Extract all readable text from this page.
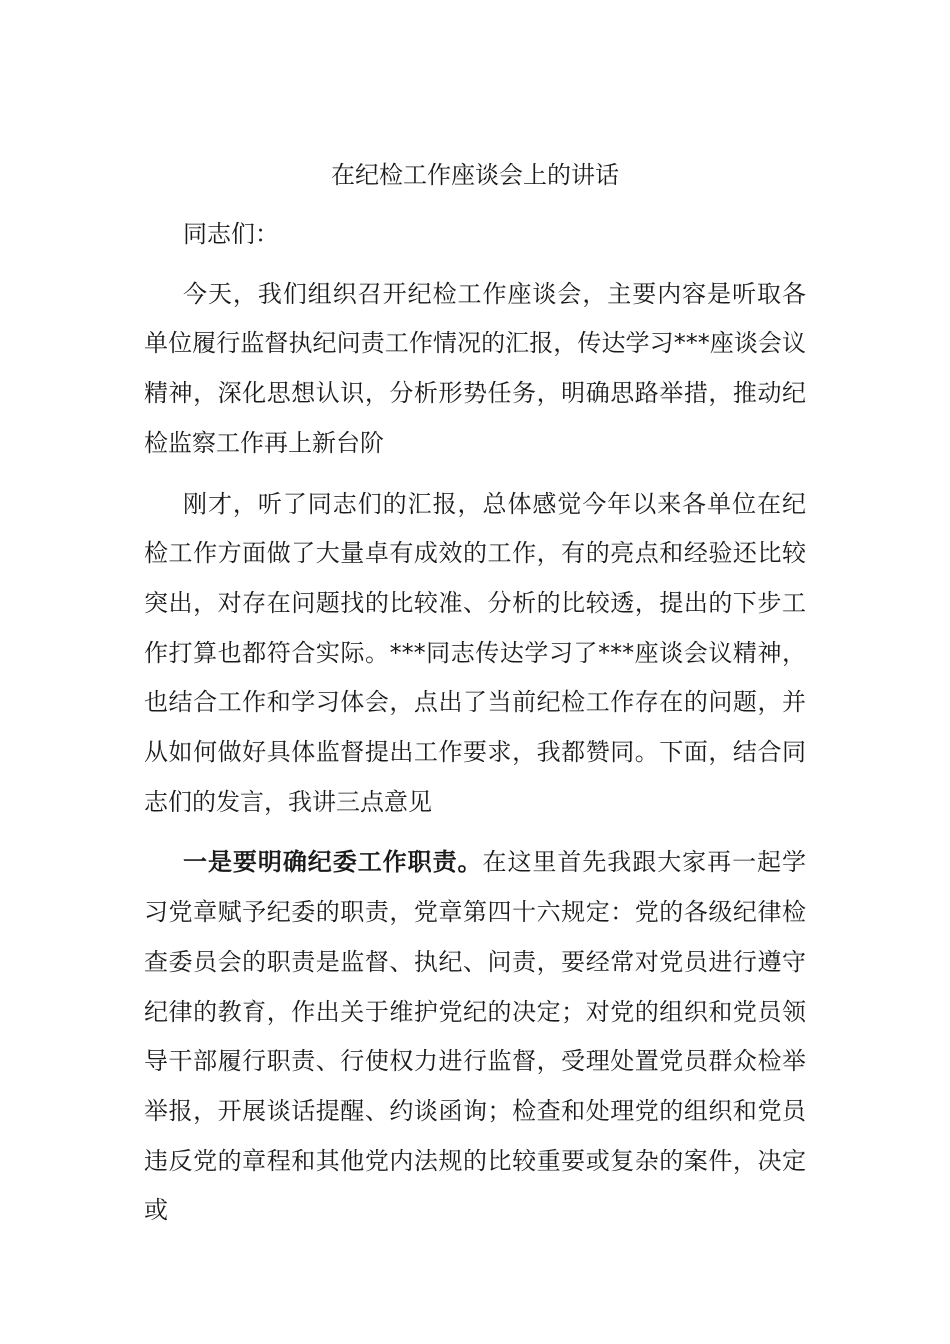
在纪检工作座谈会上的讲话

同志们：

今天，我们组织召开纪检工作座谈会，主要内容是听取各单位履行监督执纪问责工作情况的汇报，传达学习***座谈会议精神，深化思想认识，分析形势任务，明确思路举措，推动纪检监察工作再上新台阶

刚才，听了同志们的汇报，总体感觉今年以来各单位在纪检工作方面做了大量卓有成效的工作，有的亮点和经验还比较突出，对存在问题找的比较准、分析的比较透，提出的下步工作打算也都符合实际。***同志传达学习了***座谈会议精神，也结合工作和学习体会，点出了当前纪检工作存在的问题，并从如何做好具体监督提出工作要求，我都赞同。下面，结合同志们的发言，我讲三点意见

一是要明确纪委工作职责。在这里首先我跟大家再一起学习党章赋予纪委的职责，党章第四十六规定：党的各级纪律检查委员会的职责是监督、执纪、问责，要经常对党员进行遵守纪律的教育，作出关于维护党纪的决定；对党的组织和党员领导干部履行职责、行使权力进行监督，受理处置党员群众检举举报，开展谈话提醒、约谈函询；检查和处理党的组织和党员违反党的章程和其他党内法规的比较重要或复杂的案件，决定或
